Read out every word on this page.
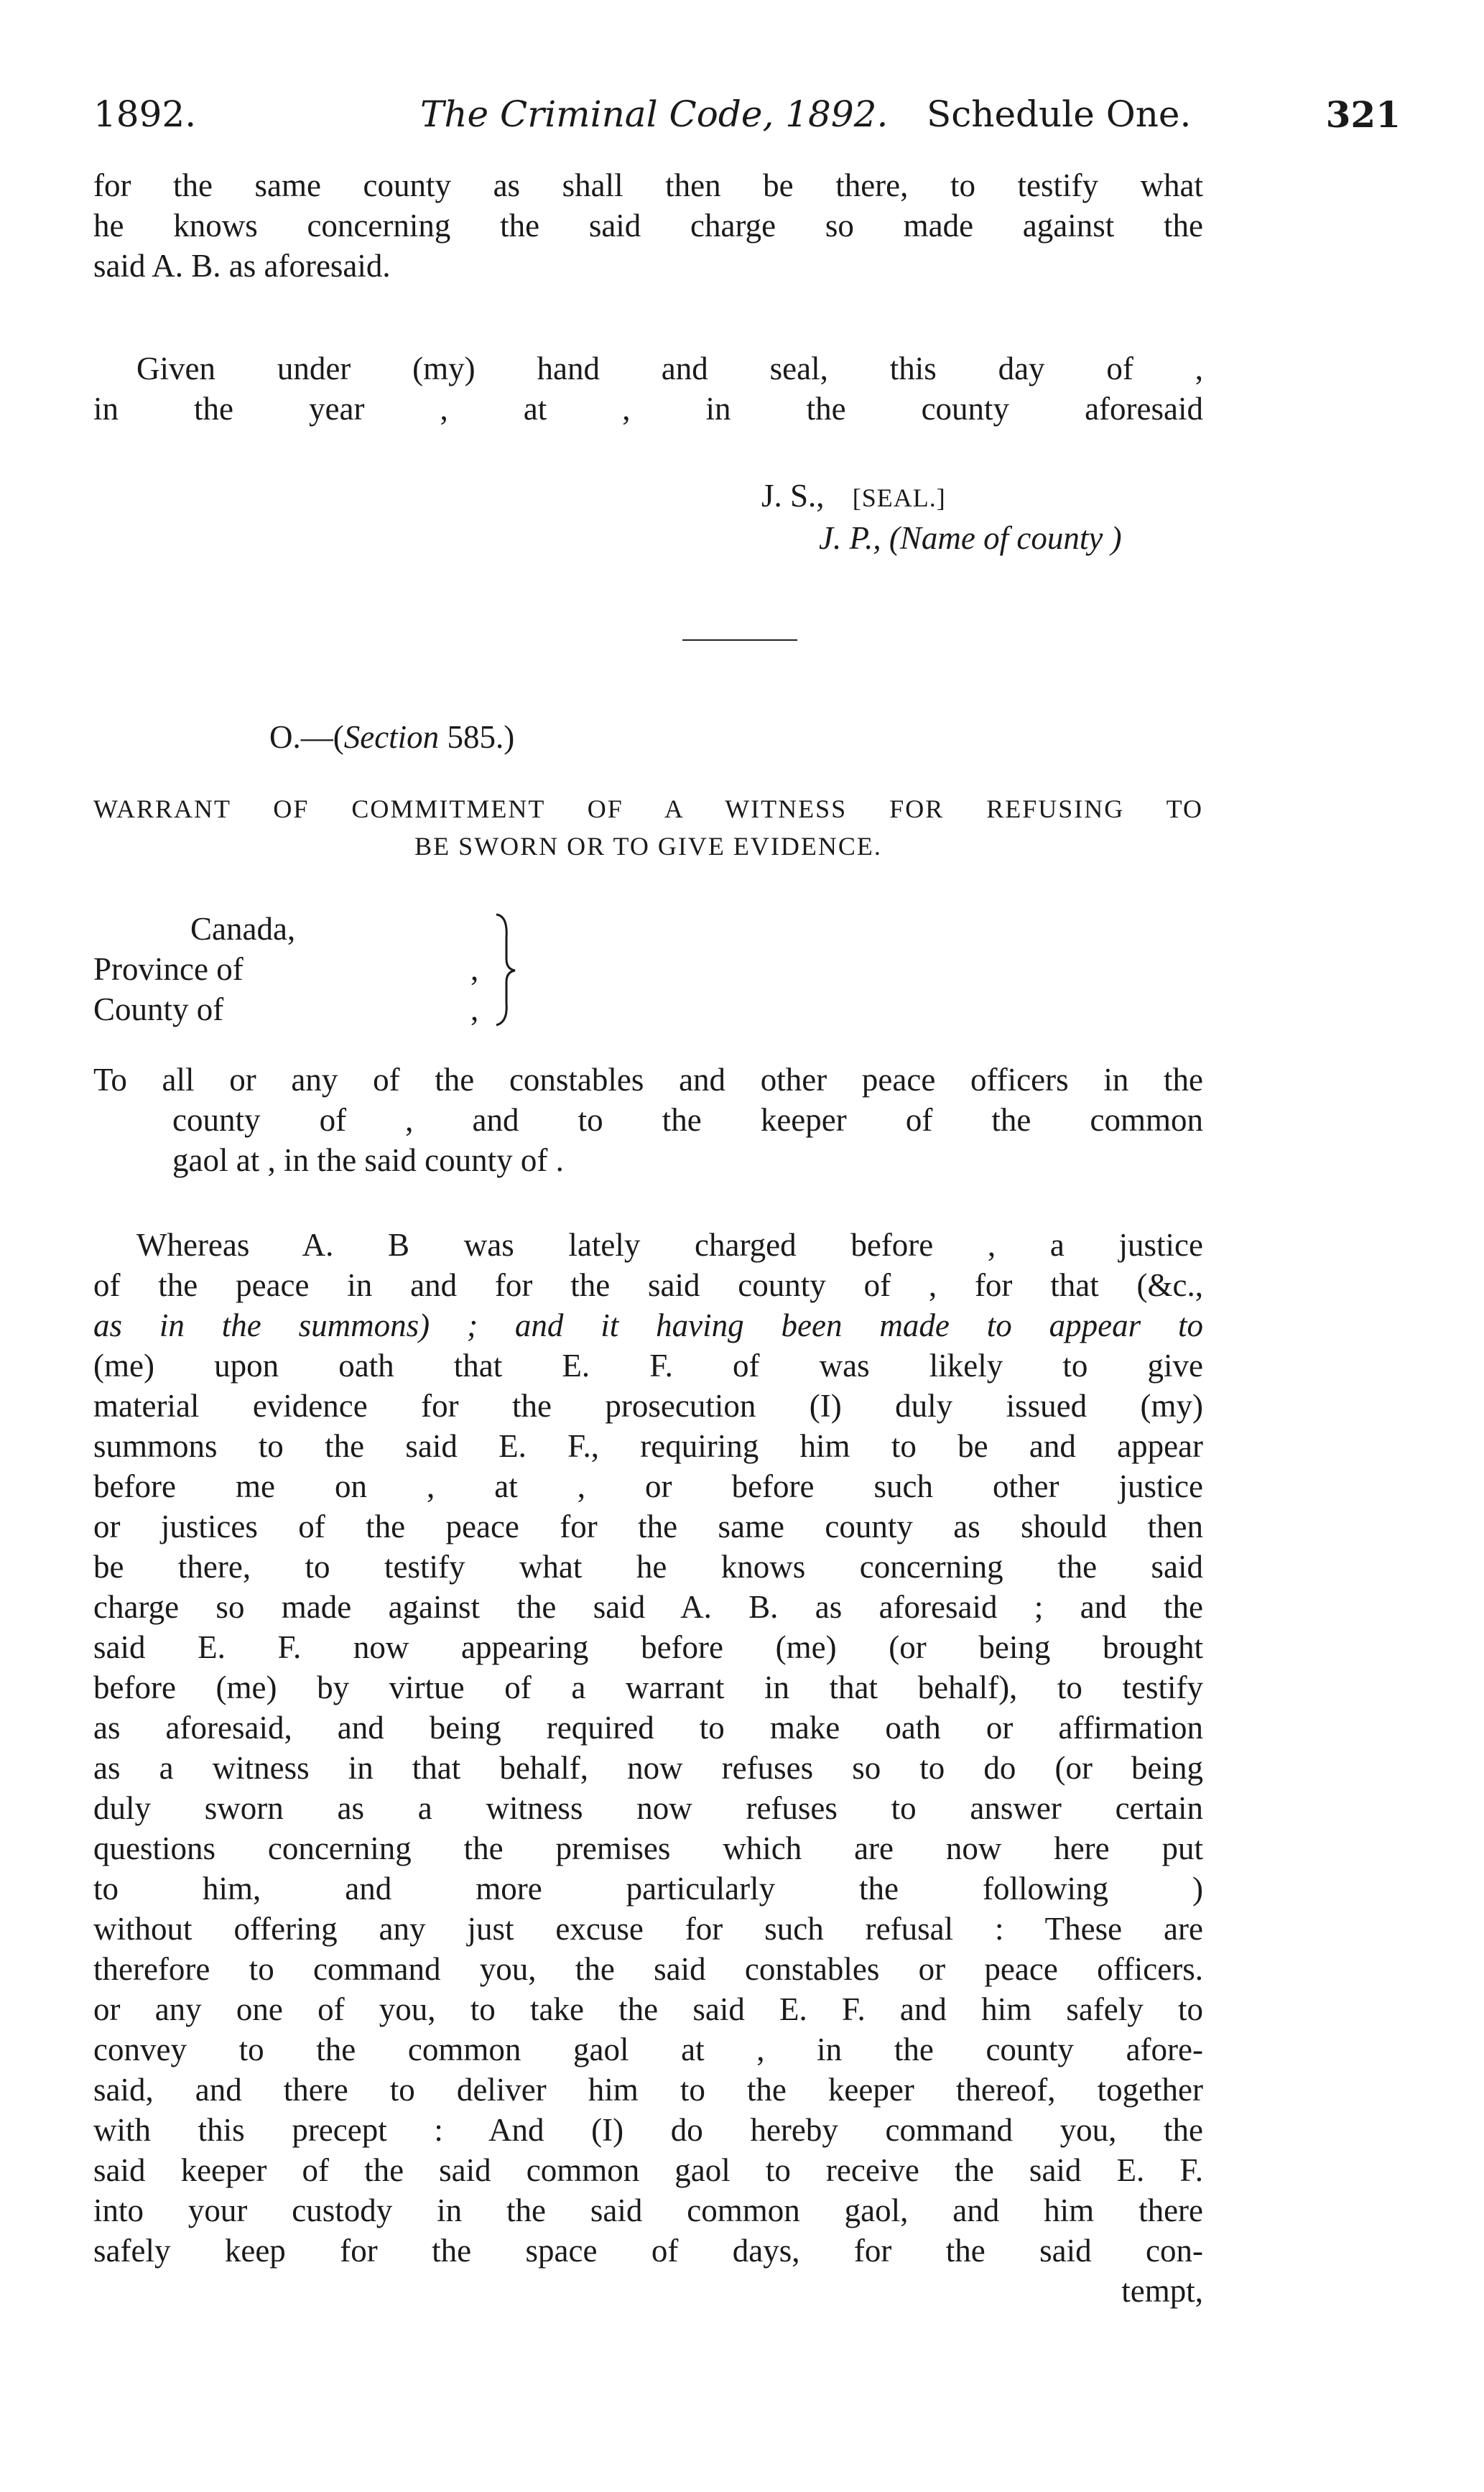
1892.	The Criminal Code, 1892. Schedule One.	321
for the same county as shall then be there, to testify what
he knows concerning the said charge so made against the
said A. B. as aforesaid.
Given under (my) hand and seal, this day of ,
in the year , at , in the county aforesaid
J. S., [SEAL.]
J. P., (Name of county )
O.—(Section 585.)
WARRANT OF COMMITMENT OF A WITNESS FOR REFUSING TO
BE SWORN OR TO GIVE EVIDENCE.
Canada,
Province of
County of
,
,
To all or any of the constables and other peace officers in the
county of , and to the keeper of the common
gaol at , in the said county of .
Whereas A. B was lately charged before , a justice
of the peace in and for the said county of , for that (&c.,
as in the summons) ; and it having been made to appear to
(me) upon oath that E. F. of was likely to give
material evidence for the prosecution (I) duly issued (my)
summons to the said E. F., requiring him to be and appear
before me on , at , or before such other justice
or justices of the peace for the same county as should then
be there, to testify what he knows concerning the said
charge so made against the said A. B. as aforesaid ; and the
said E. F. now appearing before (me) (or being brought
before (me) by virtue of a warrant in that behalf), to testify
as aforesaid, and being required to make oath or affirmation
as a witness in that behalf, now refuses so to do (or being
duly sworn as a witness now refuses to answer certain
questions concerning the premises which are now here put
to him, and more particularly the following )
without offering any just excuse for such refusal : These are
therefore to command you, the said constables or peace officers.
or any one of you, to take the said E. F. and him safely to
convey to the common gaol at , in the county afore-
said, and there to deliver him to the keeper thereof, together
with this precept : And (I) do hereby command you, the
said keeper of the said common gaol to receive the said E. F.
into your custody in the said common gaol, and him there
safely keep for the space of days, for the said con-
tempt,
